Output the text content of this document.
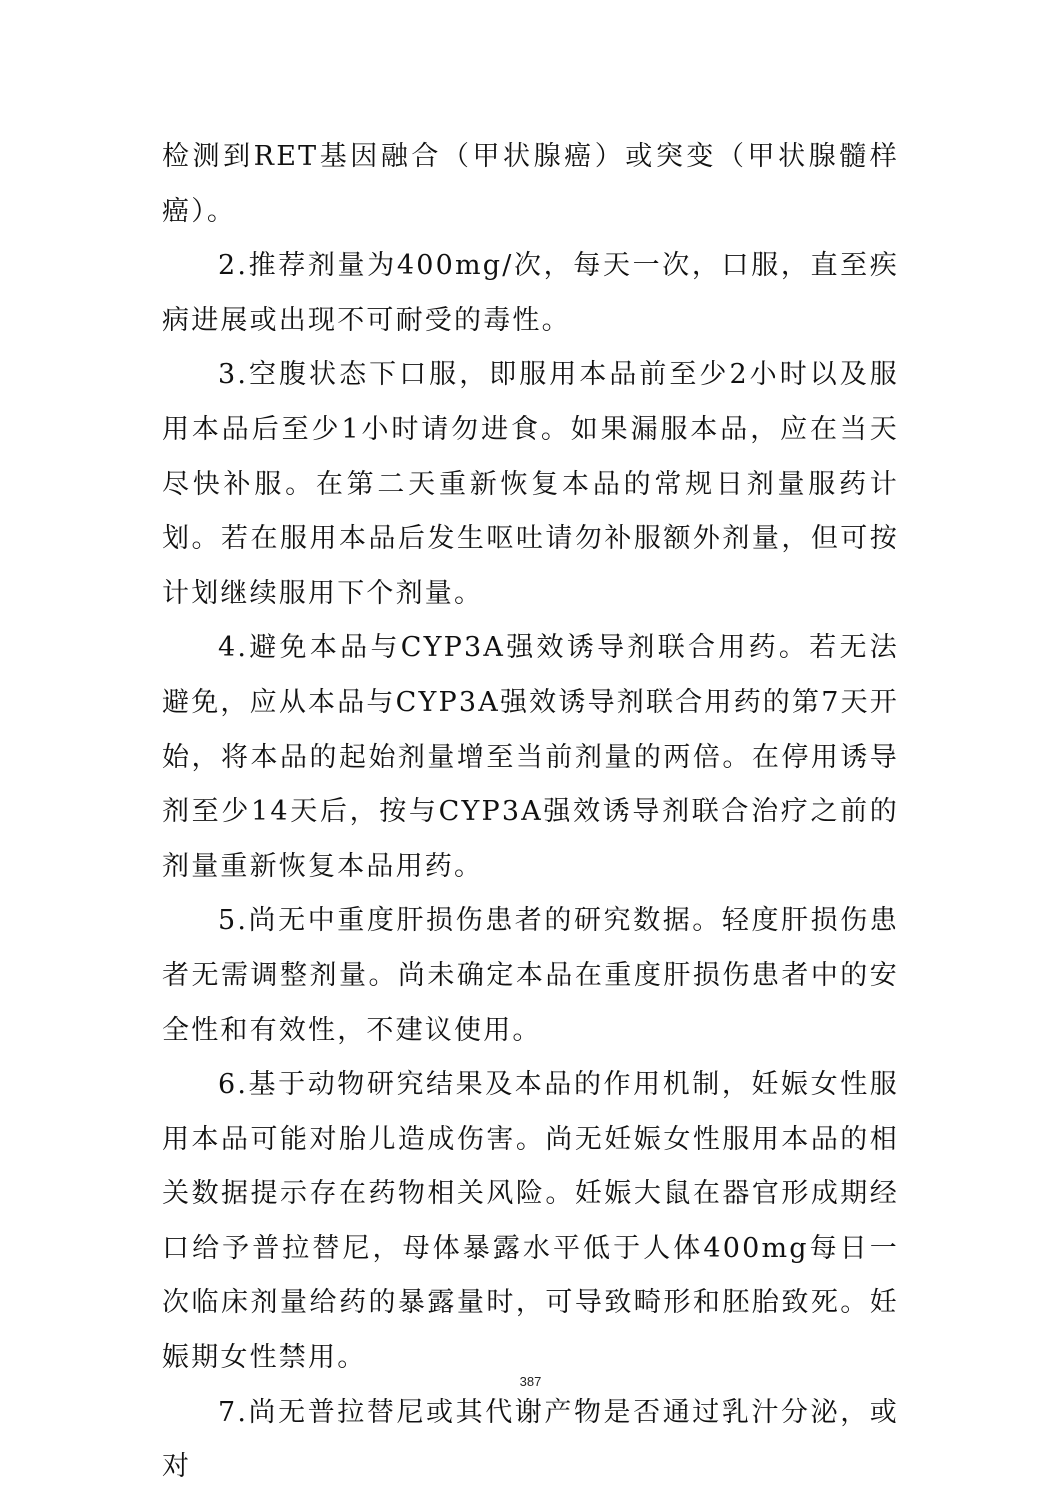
检测到RET基因融合（甲状腺癌）或突变（甲状腺髓样癌）。

2.推荐剂量为400mg/次，每天一次，口服，直至疾病进展或出现不可耐受的毒性。

3.空腹状态下口服，即服用本品前至少2小时以及服用本品后至少1小时请勿进食。如果漏服本品，应在当天尽快补服。在第二天重新恢复本品的常规日剂量服药计划。若在服用本品后发生呕吐请勿补服额外剂量，但可按计划继续服用下个剂量。

4.避免本品与CYP3A强效诱导剂联合用药。若无法避免，应从本品与CYP3A强效诱导剂联合用药的第7天开始，将本品的起始剂量增至当前剂量的两倍。在停用诱导剂至少14天后，按与CYP3A强效诱导剂联合治疗之前的剂量重新恢复本品用药。

5.尚无中重度肝损伤患者的研究数据。轻度肝损伤患者无需调整剂量。尚未确定本品在重度肝损伤患者中的安全性和有效性，不建议使用。

6.基于动物研究结果及本品的作用机制，妊娠女性服用本品可能对胎儿造成伤害。尚无妊娠女性服用本品的相关数据提示存在药物相关风险。妊娠大鼠在器官形成期经口给予普拉替尼，母体暴露水平低于人体400mg每日一次临床剂量给药的暴露量时，可导致畸形和胚胎致死。妊娠期女性禁用。

7.尚无普拉替尼或其代谢产物是否通过乳汁分泌，或对

387
